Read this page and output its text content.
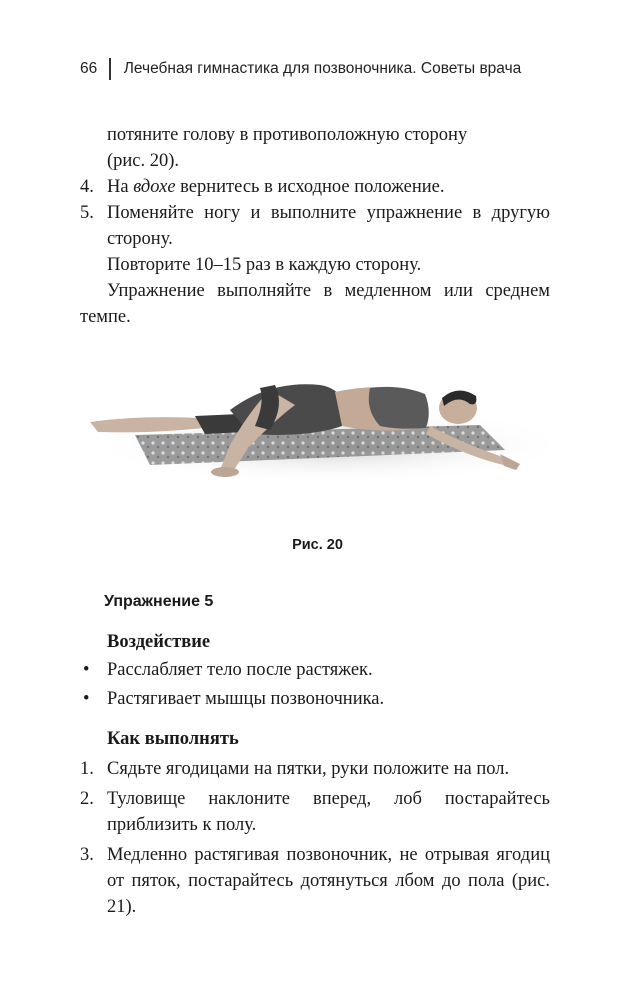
66 Лечебная гимнастика для позвоночника. Советы врача
потяните голову в противоположную сторону
(рис. 20).
4. На вдохе вернитесь в исходное положение.
5. Поменяйте ногу и выполните упражнение в другую сторону.
Повторите 10–15 раз в каждую сторону.
Упражнение выполняйте в медленном или среднем темпе.
Рис. 20
Упражнение 5
Воздействие
• Расслабляет тело после растяжек.
• Растягивает мышцы позвоночника.
Как выполнять
1. Сядьте ягодицами на пятки, руки положите на пол.
2. Туловище наклоните вперед, лоб постарайтесь приблизить к полу.
3. Медленно растягивая позвоночник, не отрывая ягодиц от пяток, постарайтесь дотянуться лбом до пола (рис. 21).
